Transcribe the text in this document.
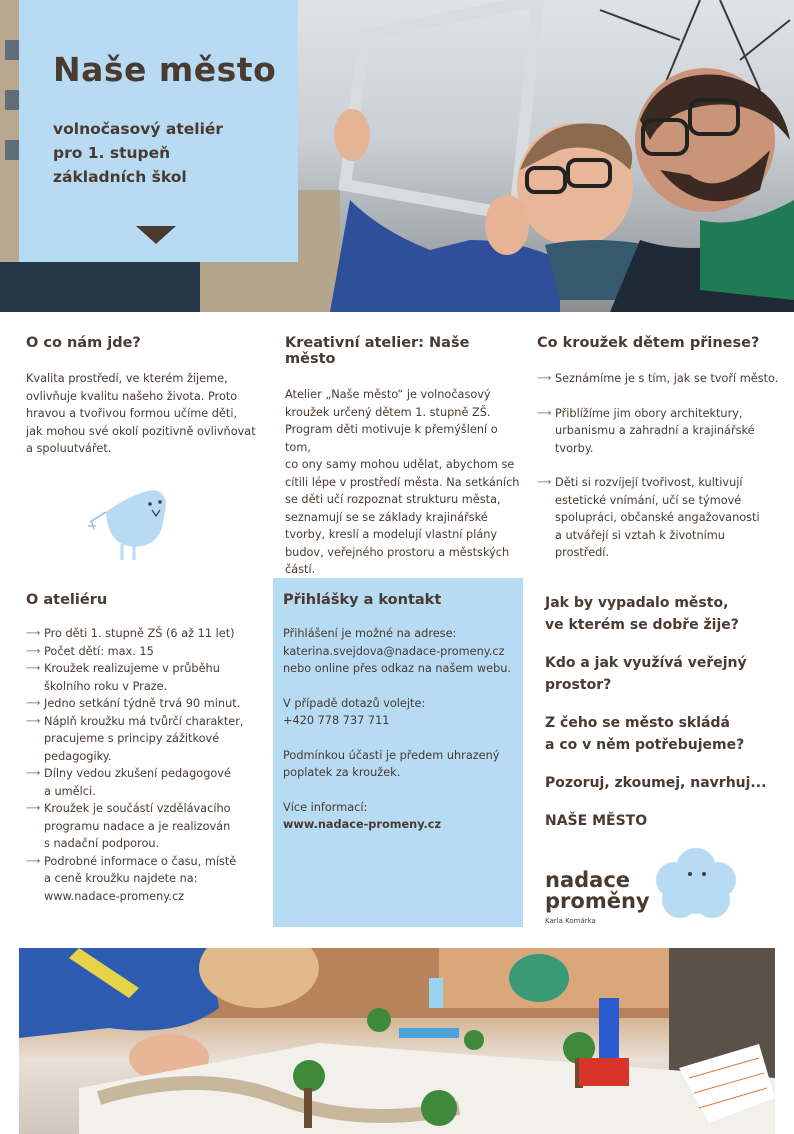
Naše město
volnočasový ateliér
pro 1. stupeň
základních škol
O co nám jde?
Kvalita prostředí, ve kterém žijeme,
ovlivňuje kvalitu našeho života. Proto
hravou a tvořivou formou učíme děti,
jak mohou své okolí pozitivně ovlivňovat
a spoluutvářet.
Kreativní atelier: Naše město
Atelier „Naše město“ je volnočasový
kroužek určený dětem 1. stupně ZŠ.
Program děti motivuje k přemýšlení o tom,
co ony samy mohou udělat, abychom se
cítili lépe v prostředí města. Na setkáních
se děti učí rozpoznat strukturu města,
seznamují se se základy krajinářské
tvorby, kreslí a modelují vlastní plány
budov, veřejného prostoru a městských
částí.
Co kroužek dětem přinese?
⟶ Seznámíme je s tím, jak se tvoří město.
⟶ Přiblížíme jim obory architektury,
urbanismu a zahradní a krajinářské
tvorby.
⟶ Děti si rozvíjejí tvořivost, kultivují
estetické vnímání, učí se týmové
spolupráci, občanské angažovanosti
a utvářejí si vztah k životnímu
prostředí.
O ateliéru
⟶ Pro děti 1. stupně ZŠ (6 až 11 let)
⟶ Počet dětí: max. 15
⟶ Kroužek realizujeme v průběhu
školního roku v Praze.
⟶ Jedno setkání týdně trvá 90 minut.
⟶ Náplň kroužku má tvůrčí charakter,
pracujeme s principy zážitkové
pedagogiky.
⟶ Dílny vedou zkušení pedagogové
a umělci.
⟶ Kroužek je součástí vzdělávacího
programu nadace a je realizován
s nadační podporou.
⟶ Podrobné informace o času, místě
a ceně kroužku najdete na:
www.nadace-promeny.cz
Přihlášky a kontakt
Přihlášení je možné na adrese:
katerina.svejdova@nadace-promeny.cz
nebo online přes odkaz na našem webu.
V případě dotazů volejte:
+420 778 737 711
Podmínkou účasti je předem uhrazený
poplatek za kroužek.
Více informací:
www.nadace-promeny.cz
Jak by vypadalo město,
ve kterém se dobře žije?
Kdo a jak využívá veřejný
prostor?
Z čeho se město skládá
a co v něm potřebujeme?
Pozoruj, zkoumej, navrhuj...
NAŠE MĚSTO
nadace
proměny
Karla Komárka
